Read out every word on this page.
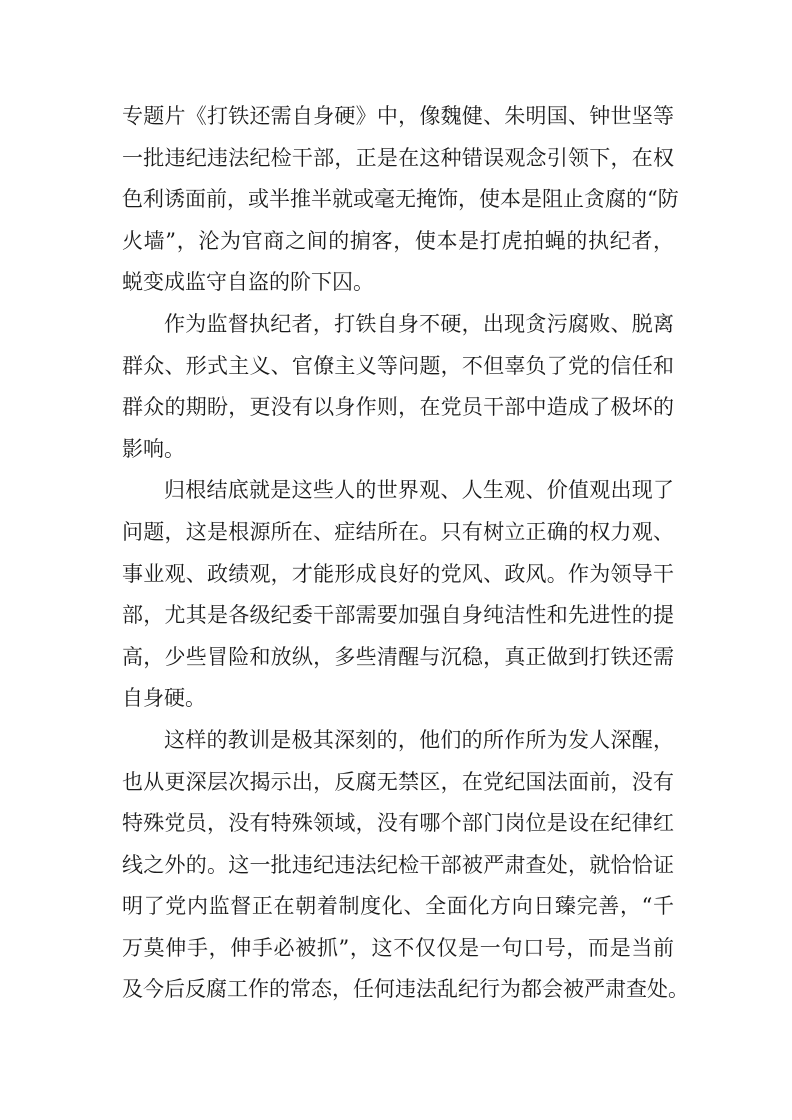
专题片《打铁还需自身硬》中，像魏健、朱明国、钟世坚等
一批违纪违法纪检干部，正是在这种错误观念引领下，在权
色利诱面前，或半推半就或毫无掩饰，使本是阻止贪腐的“防
火墙”，沦为官商之间的掮客，使本是打虎拍蝇的执纪者，
蜕变成监守自盗的阶下囚。
作为监督执纪者，打铁自身不硬，出现贪污腐败、脱离
群众、形式主义、官僚主义等问题，不但辜负了党的信任和
群众的期盼，更没有以身作则，在党员干部中造成了极坏的
影响。
归根结底就是这些人的世界观、人生观、价值观出现了
问题，这是根源所在、症结所在。只有树立正确的权力观、
事业观、政绩观，才能形成良好的党风、政风。作为领导干
部，尤其是各级纪委干部需要加强自身纯洁性和先进性的提
高，少些冒险和放纵，多些清醒与沉稳，真正做到打铁还需
自身硬。
这样的教训是极其深刻的，他们的所作所为发人深醒，
也从更深层次揭示出，反腐无禁区，在党纪国法面前，没有
特殊党员，没有特殊领域，没有哪个部门岗位是设在纪律红
线之外的。这一批违纪违法纪检干部被严肃查处，就恰恰证
明了党内监督正在朝着制度化、全面化方向日臻完善，“千
万莫伸手，伸手必被抓”，这不仅仅是一句口号，而是当前
及今后反腐工作的常态，任何违法乱纪行为都会被严肃查处。
